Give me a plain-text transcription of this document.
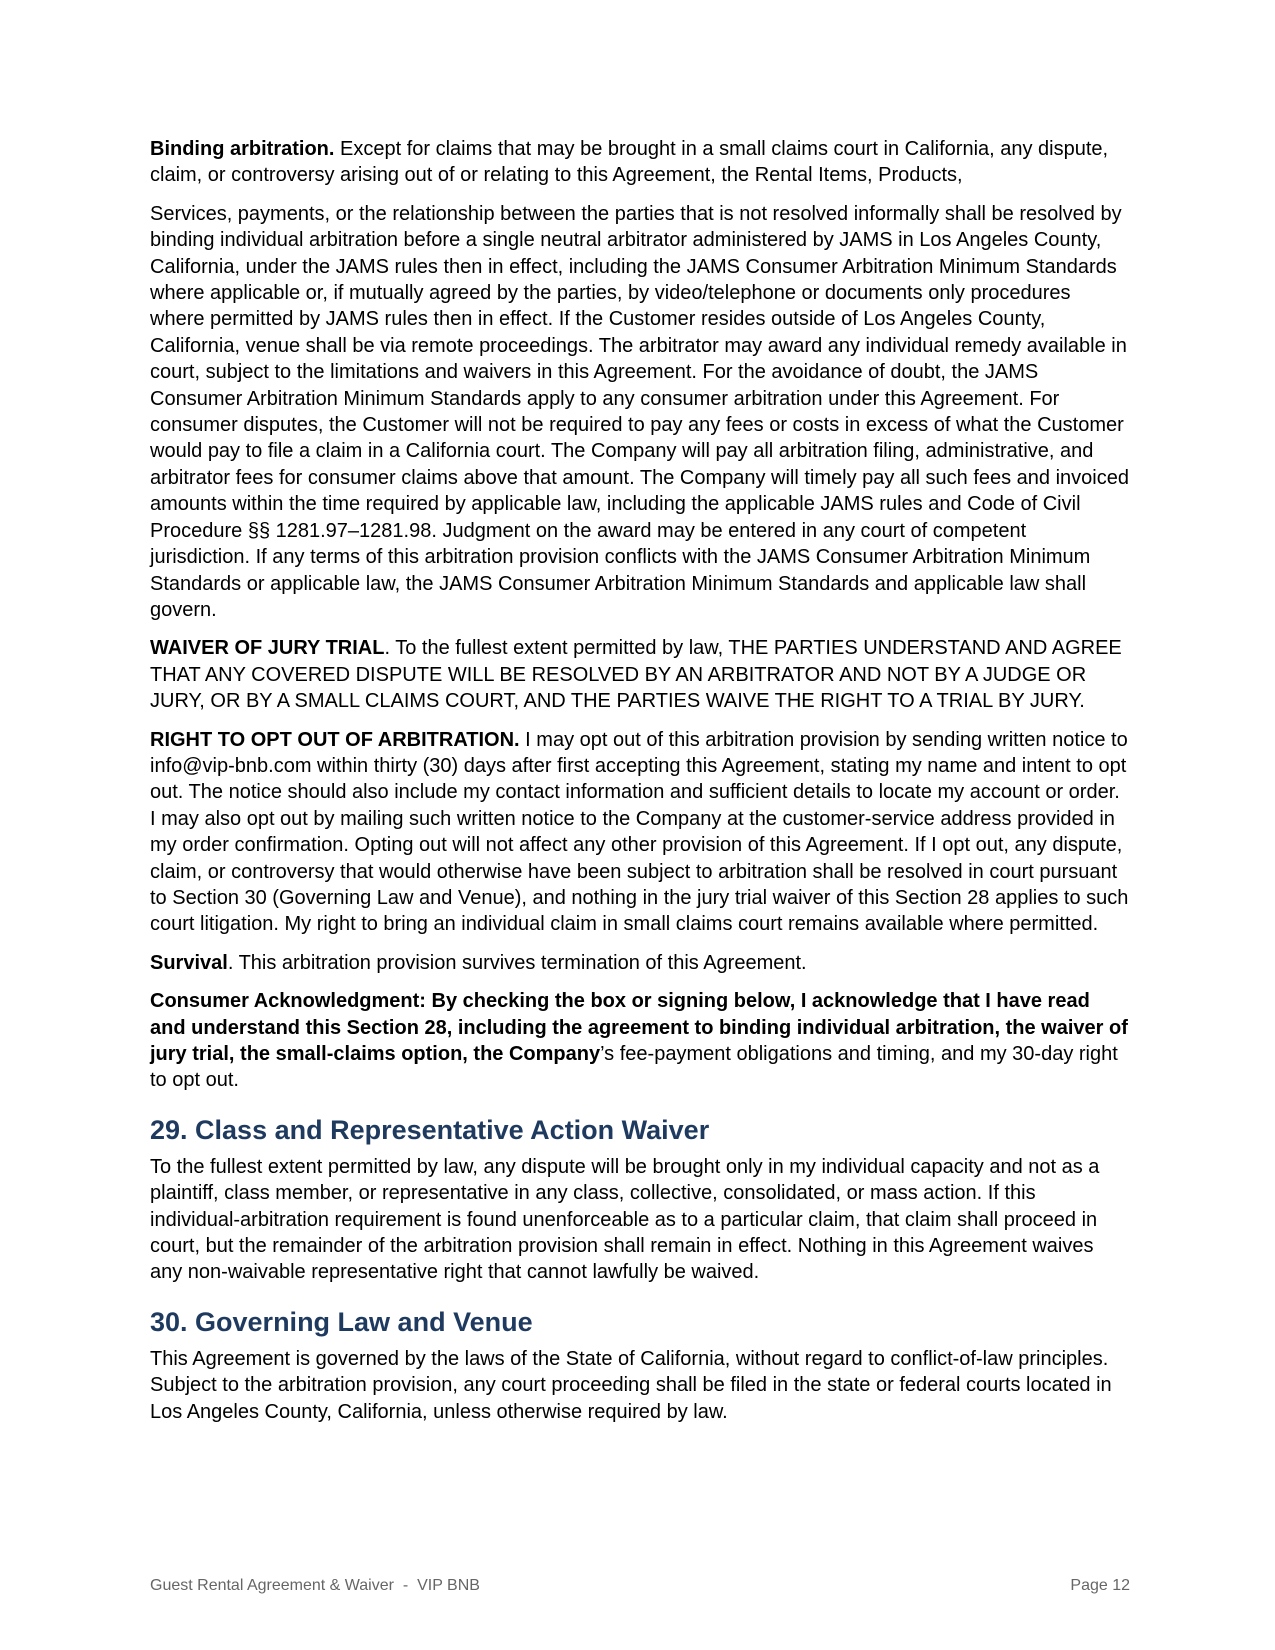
Binding arbitration. Except for claims that may be brought in a small claims court in California, any dispute, claim, or controversy arising out of or relating to this Agreement, the Rental Items, Products,

Services, payments, or the relationship between the parties that is not resolved informally shall be resolved by binding individual arbitration before a single neutral arbitrator administered by JAMS in Los Angeles County, California, under the JAMS rules then in effect, including the JAMS Consumer Arbitration Minimum Standards where applicable or, if mutually agreed by the parties, by video/telephone or documents only procedures where permitted by JAMS rules then in effect. If the Customer resides outside of Los Angeles County, California, venue shall be via remote proceedings. The arbitrator may award any individual remedy available in court, subject to the limitations and waivers in this Agreement. For the avoidance of doubt, the JAMS Consumer Arbitration Minimum Standards apply to any consumer arbitration under this Agreement. For consumer disputes, the Customer will not be required to pay any fees or costs in excess of what the Customer would pay to file a claim in a California court. The Company will pay all arbitration filing, administrative, and arbitrator fees for consumer claims above that amount. The Company will timely pay all such fees and invoiced amounts within the time required by applicable law, including the applicable JAMS rules and Code of Civil Procedure §§ 1281.97–1281.98. Judgment on the award may be entered in any court of competent jurisdiction. If any terms of this arbitration provision conflicts with the JAMS Consumer Arbitration Minimum Standards or applicable law, the JAMS Consumer Arbitration Minimum Standards and applicable law shall govern.

WAIVER OF JURY TRIAL. To the fullest extent permitted by law, THE PARTIES UNDERSTAND AND AGREE THAT ANY COVERED DISPUTE WILL BE RESOLVED BY AN ARBITRATOR AND NOT BY A JUDGE OR JURY, OR BY A SMALL CLAIMS COURT, AND THE PARTIES WAIVE THE RIGHT TO A TRIAL BY JURY.

RIGHT TO OPT OUT OF ARBITRATION. I may opt out of this arbitration provision by sending written notice to info@vip-bnb.com within thirty (30) days after first accepting this Agreement, stating my name and intent to opt out. The notice should also include my contact information and sufficient details to locate my account or order. I may also opt out by mailing such written notice to the Company at the customer-service address provided in my order confirmation. Opting out will not affect any other provision of this Agreement. If I opt out, any dispute, claim, or controversy that would otherwise have been subject to arbitration shall be resolved in court pursuant to Section 30 (Governing Law and Venue), and nothing in the jury trial waiver of this Section 28 applies to such court litigation. My right to bring an individual claim in small claims court remains available where permitted.

Survival. This arbitration provision survives termination of this Agreement.

Consumer Acknowledgment: By checking the box or signing below, I acknowledge that I have read and understand this Section 28, including the agreement to binding individual arbitration, the waiver of jury trial, the small-claims option, the Company’s fee-payment obligations and timing, and my 30-day right to opt out.

29. Class and Representative Action Waiver

To the fullest extent permitted by law, any dispute will be brought only in my individual capacity and not as a plaintiff, class member, or representative in any class, collective, consolidated, or mass action. If this individual-arbitration requirement is found unenforceable as to a particular claim, that claim shall proceed in court, but the remainder of the arbitration provision shall remain in effect. Nothing in this Agreement waives any non-waivable representative right that cannot lawfully be waived.

30. Governing Law and Venue

This Agreement is governed by the laws of the State of California, without regard to conflict-of-law principles. Subject to the arbitration provision, any court proceeding shall be filed in the state or federal courts located in Los Angeles County, California, unless otherwise required by law.

Guest Rental Agreement & Waiver  -  VIP BNB	Page 12
